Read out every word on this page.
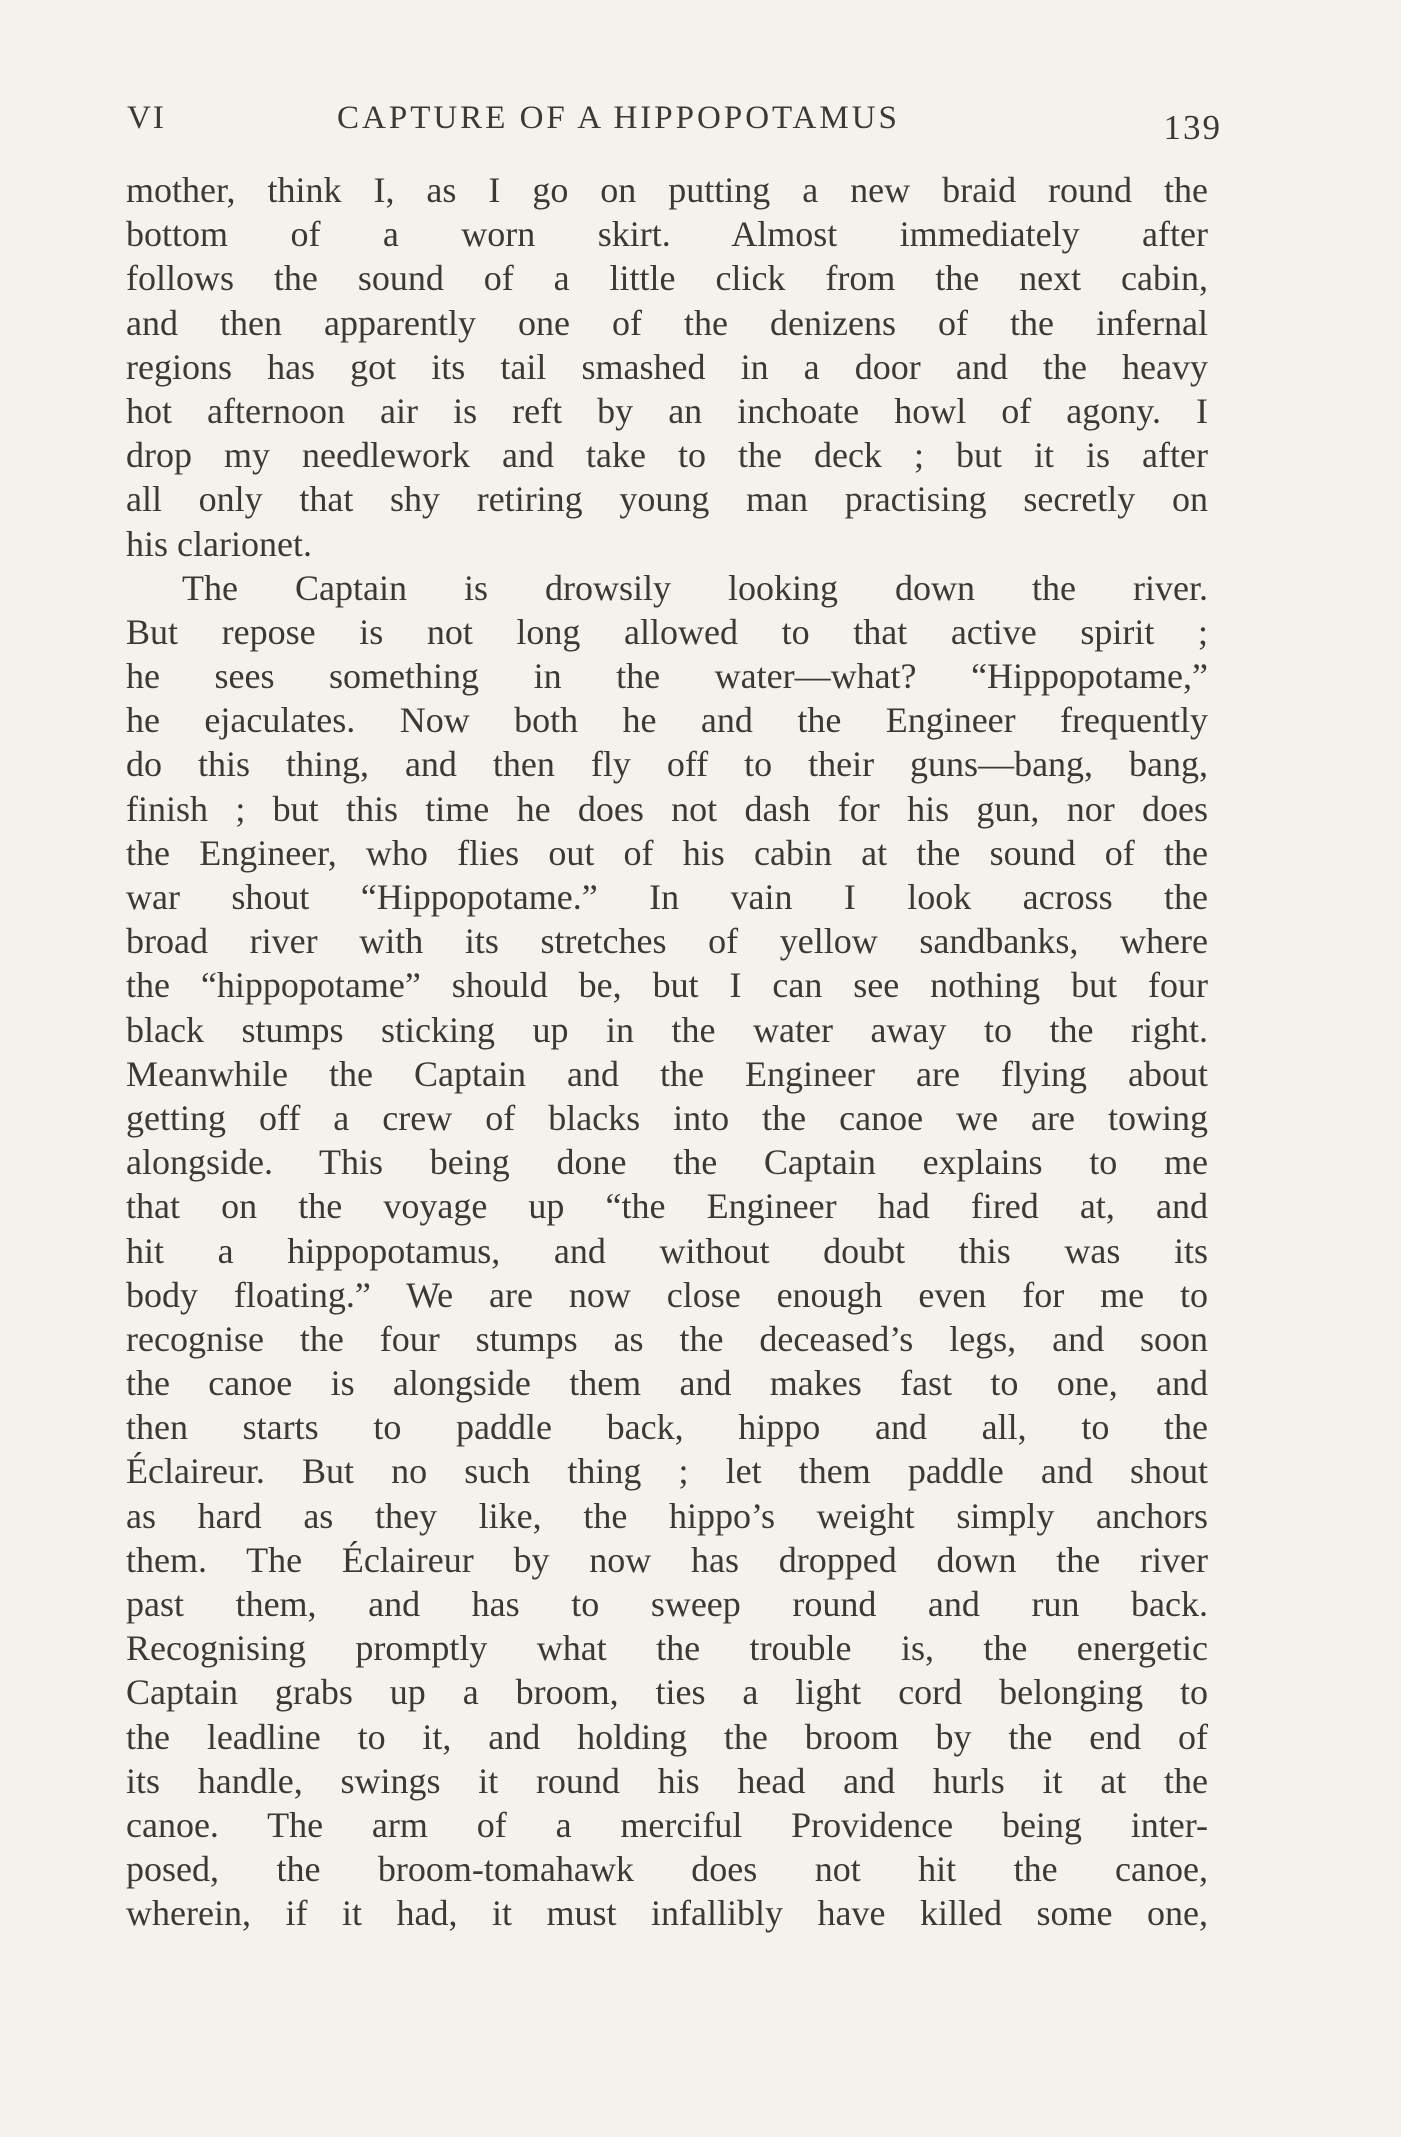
VI	CAPTURE OF A HIPPOPOTAMUS	139
mother, think I, as I go on putting a new braid round the
bottom of a worn skirt. Almost immediately after
follows the sound of a little click from the next cabin,
and then apparently one of the denizens of the infernal
regions has got its tail smashed in a door and the heavy
hot afternoon air is reft by an inchoate howl of agony. I
drop my needlework and take to the deck ; but it is after
all only that shy retiring young man practising secretly on
his clarionet.
The Captain is drowsily looking down the river.
But repose is not long allowed to that active spirit ;
he sees something in the water—what? “Hippopotame,”
he ejaculates. Now both he and the Engineer frequently
do this thing, and then fly off to their guns—bang, bang,
finish ; but this time he does not dash for his gun, nor does
the Engineer, who flies out of his cabin at the sound of the
war shout “Hippopotame.” In vain I look across the
broad river with its stretches of yellow sandbanks, where
the “hippopotame” should be, but I can see nothing but four
black stumps sticking up in the water away to the right.
Meanwhile the Captain and the Engineer are flying about
getting off a crew of blacks into the canoe we are towing
alongside. This being done the Captain explains to me
that on the voyage up “the Engineer had fired at, and
hit a hippopotamus, and without doubt this was its
body floating.” We are now close enough even for me to
recognise the four stumps as the deceased’s legs, and soon
the canoe is alongside them and makes fast to one, and
then starts to paddle back, hippo and all, to the
Éclaireur. But no such thing ; let them paddle and shout
as hard as they like, the hippo’s weight simply anchors
them. The Éclaireur by now has dropped down the river
past them, and has to sweep round and run back.
Recognising promptly what the trouble is, the energetic
Captain grabs up a broom, ties a light cord belonging to
the leadline to it, and holding the broom by the end of
its handle, swings it round his head and hurls it at the
canoe. The arm of a merciful Providence being inter-
posed, the broom-tomahawk does not hit the canoe,
wherein, if it had, it must infallibly have killed some one,
